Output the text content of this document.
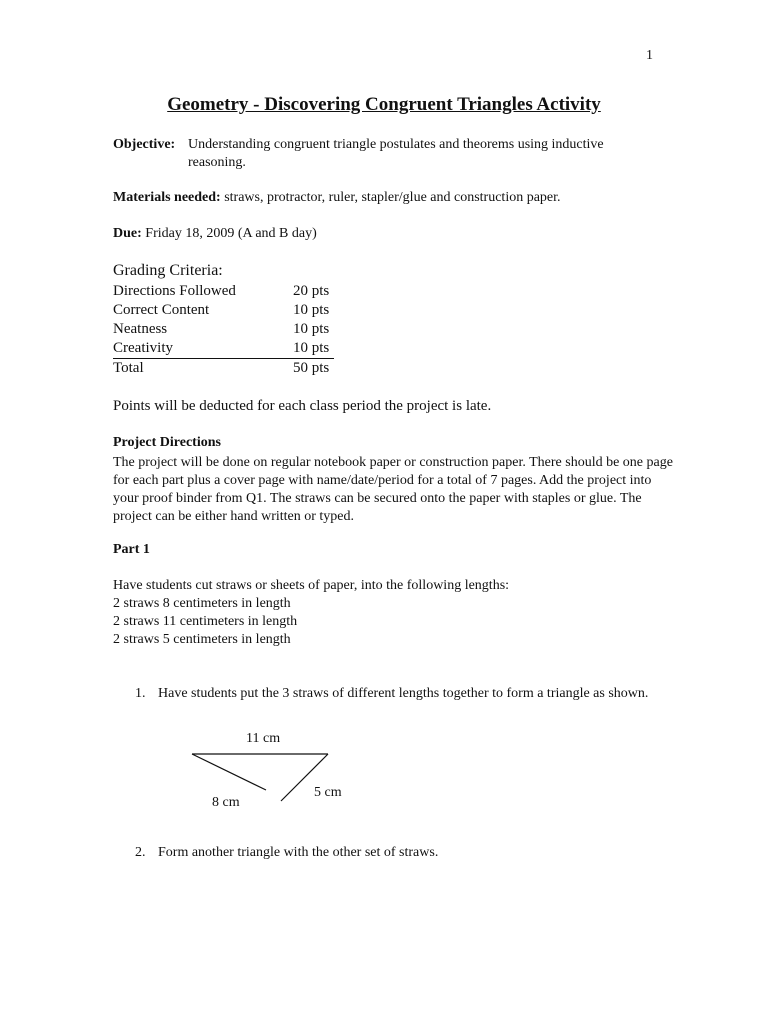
1

Geometry - Discovering Congruent Triangles Activity

Objective: Understanding congruent triangle postulates and theorems using inductive reasoning.

Materials needed: straws, protractor, ruler, stapler/glue and construction paper.

Due: Friday 18, 2009 (A and B day)

Grading Criteria:

Directions Followed	20 pts
Correct Content	10 pts
Neatness	10 pts
Creativity	10 pts
Total	50 pts

Points will be deducted for each class period the project is late.

Project Directions

The project will be done on regular notebook paper or construction paper. There should be one page for each part plus a cover page with name/date/period for a total of 7 pages. Add the project into your proof binder from Q1. The straws can be secured onto the paper with staples or glue. The project can be either hand written or typed.

Part 1

Have students cut straws or sheets of paper, into the following lengths:

2 straws 8 centimeters in length

2 straws 11 centimeters in length

2 straws 5 centimeters in length

1. Have students put the 3 straws of different lengths together to form a triangle as shown.

11 cm
5 cm
8 cm

2. Form another triangle with the other set of straws.
